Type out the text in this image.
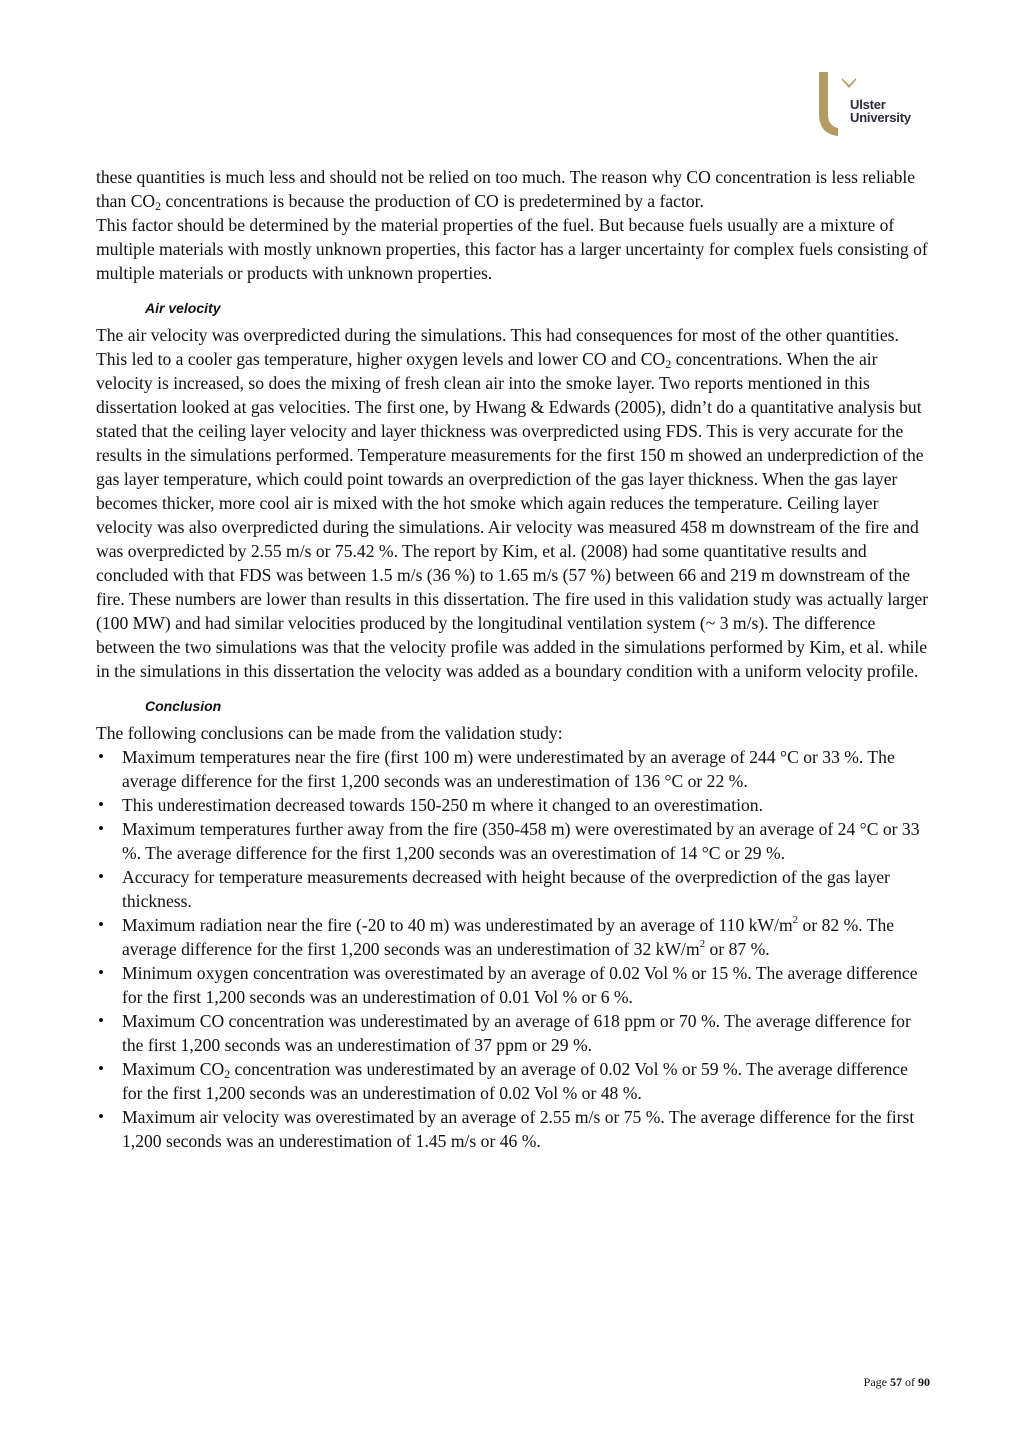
Ulster
University

these quantities is much less and should not be relied on too much. The reason why CO concentration is less reliable than $CO_2$ concentrations is because the production of CO is predetermined by a factor.

This factor should be determined by the material properties of the fuel. But because fuels usually are a mixture of multiple materials with mostly unknown properties, this factor has a larger uncertainty for complex fuels consisting of multiple materials or products with unknown properties.

Air velocity

The air velocity was overpredicted during the simulations. This had consequences for most of the other quantities. This led to a cooler gas temperature, higher oxygen levels and lower CO and $CO_2$ concentrations. When the air velocity is increased, so does the mixing of fresh clean air into the smoke layer. Two reports mentioned in this dissertation looked at gas velocities. The first one, by Hwang & Edwards (2005), didn’t do a quantitative analysis but stated that the ceiling layer velocity and layer thickness was overpredicted using FDS. This is very accurate for the results in the simulations performed. Temperature measurements for the first 150 m showed an underprediction of the gas layer temperature, which could point towards an overprediction of the gas layer thickness. When the gas layer becomes thicker, more cool air is mixed with the hot smoke which again reduces the temperature. Ceiling layer velocity was also overpredicted during the simulations. Air velocity was measured 458 m downstream of the fire and was overpredicted by 2.55 m/s or 75.42 %. The report by Kim, et al. (2008) had some quantitative results and concluded with that FDS was between 1.5 m/s (36 %) to 1.65 m/s (57 %) between 66 and 219 m downstream of the fire. These numbers are lower than results in this dissertation. The fire used in this validation study was actually larger (100 MW) and had similar velocities produced by the longitudinal ventilation system (~ 3 m/s). The difference between the two simulations was that the velocity profile was added in the simulations performed by Kim, et al. while in the simulations in this dissertation the velocity was added as a boundary condition with a uniform velocity profile.

Conclusion

The following conclusions can be made from the validation study:

• Maximum temperatures near the fire (first 100 m) were underestimated by an average of 244 °C or 33 %. The average difference for the first 1,200 seconds was an underestimation of 136 °C or 22 %.
• This underestimation decreased towards 150-250 m where it changed to an overestimation.
• Maximum temperatures further away from the fire (350-458 m) were overestimated by an average of 24 °C or 33 %. The average difference for the first 1,200 seconds was an overestimation of 14 °C or 29 %.
• Accuracy for temperature measurements decreased with height because of the overprediction of the gas layer thickness.
• Maximum radiation near the fire (-20 to 40 m) was underestimated by an average of 110 $kW/m^2$ or 82 %. The average difference for the first 1,200 seconds was an underestimation of 32 $kW/m^2$ or 87 %.
• Minimum oxygen concentration was overestimated by an average of 0.02 Vol % or 15 %. The average difference for the first 1,200 seconds was an underestimation of 0.01 Vol % or 6 %.
• Maximum CO concentration was underestimated by an average of 618 ppm or 70 %. The average difference for the first 1,200 seconds was an underestimation of 37 ppm or 29 %.
• Maximum $CO_2$ concentration was underestimated by an average of 0.02 Vol % or 59 %. The average difference for the first 1,200 seconds was an underestimation of 0.02 Vol % or 48 %.
• Maximum air velocity was overestimated by an average of 2.55 m/s or 75 %. The average difference for the first 1,200 seconds was an underestimation of 1.45 m/s or 46 %.
Page 57 of 90
